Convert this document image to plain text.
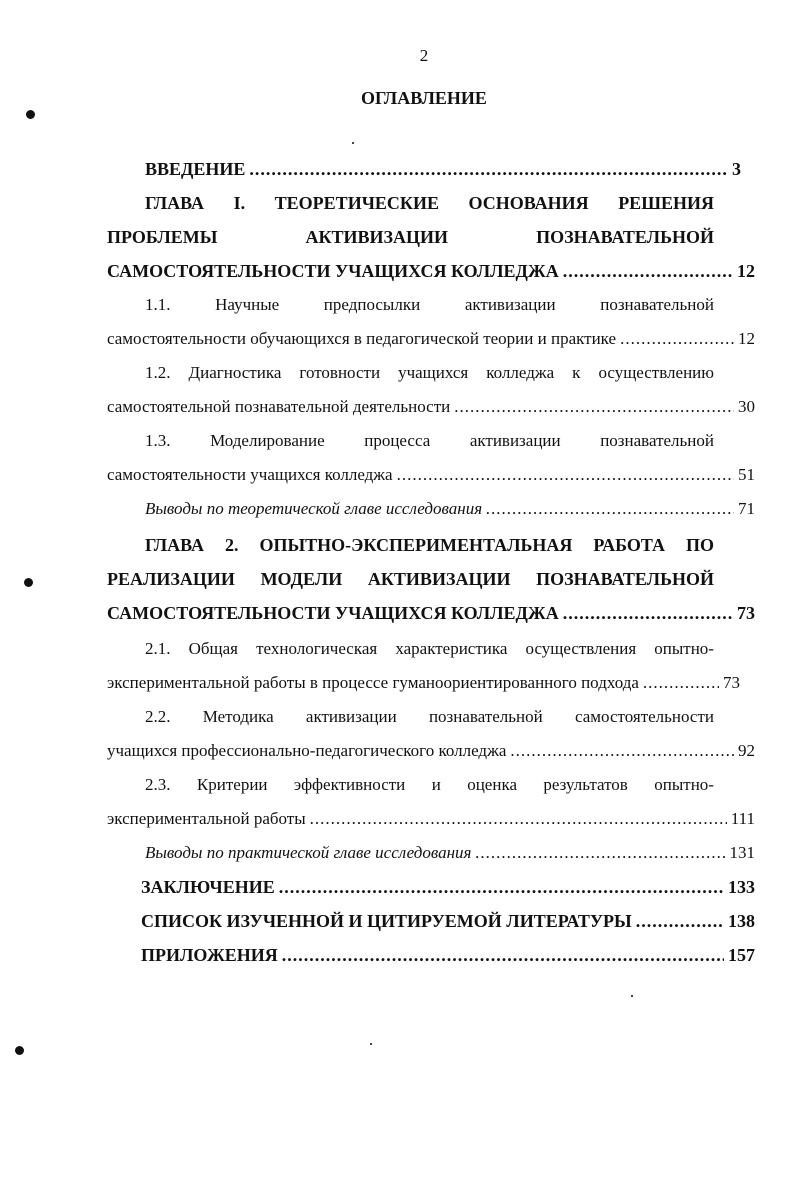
2
ОГЛАВЛЕНИЕ
ВВЕДЕНИЕ .....	3
ГЛАВА I. ТЕОРЕТИЧЕСКИЕ ОСНОВАНИЯ РЕШЕНИЯ
ПРОБЛЕМЫ	АКТИВИЗАЦИИ	ПОЗНАВАТЕЛЬНОЙ
САМОСТОЯТЕЛЬНОСТИ УЧАЩИХСЯ КОЛЛЕДЖА .....	12
1.1.	Научные	предпосылки	активизации	познавательной
самостоятельности обучающихся в педагогической теории и практике .....	12
1.2. Диагностика готовности учащихся колледжа к осуществлению
самостоятельной познавательной деятельности .....	30
1.3. Моделирование процесса активизации познавательной
самостоятельности учащихся колледжа .....	51
Выводы по теоретической главе исследования .....	71
ГЛАВА 2. ОПЫТНО-ЭКСПЕРИМЕНТАЛЬНАЯ РАБОТА ПО
РЕАЛИЗАЦИИ МОДЕЛИ АКТИВИЗАЦИИ ПОЗНАВАТЕЛЬНОЙ
САМОСТОЯТЕЛЬНОСТИ УЧАЩИХСЯ КОЛЛЕДЖА .....	73
2.1. Общая технологическая характеристика осуществления опытно-
экспериментальной работы в процессе гуманоориентированного подхода .....	73
2.2. Методика активизации познавательной самостоятельности
учащихся профессионально-педагогического колледжа .....	92
2.3. Критерии эффективности и оценка результатов опытно-
экспериментальной работы .....	111
Выводы по практической главе исследования .....	131
ЗАКЛЮЧЕНИЕ .....	133
СПИСОК ИЗУЧЕННОЙ И ЦИТИРУЕМОЙ ЛИТЕРАТУРЫ .....	138
ПРИЛОЖЕНИЯ .....	157
